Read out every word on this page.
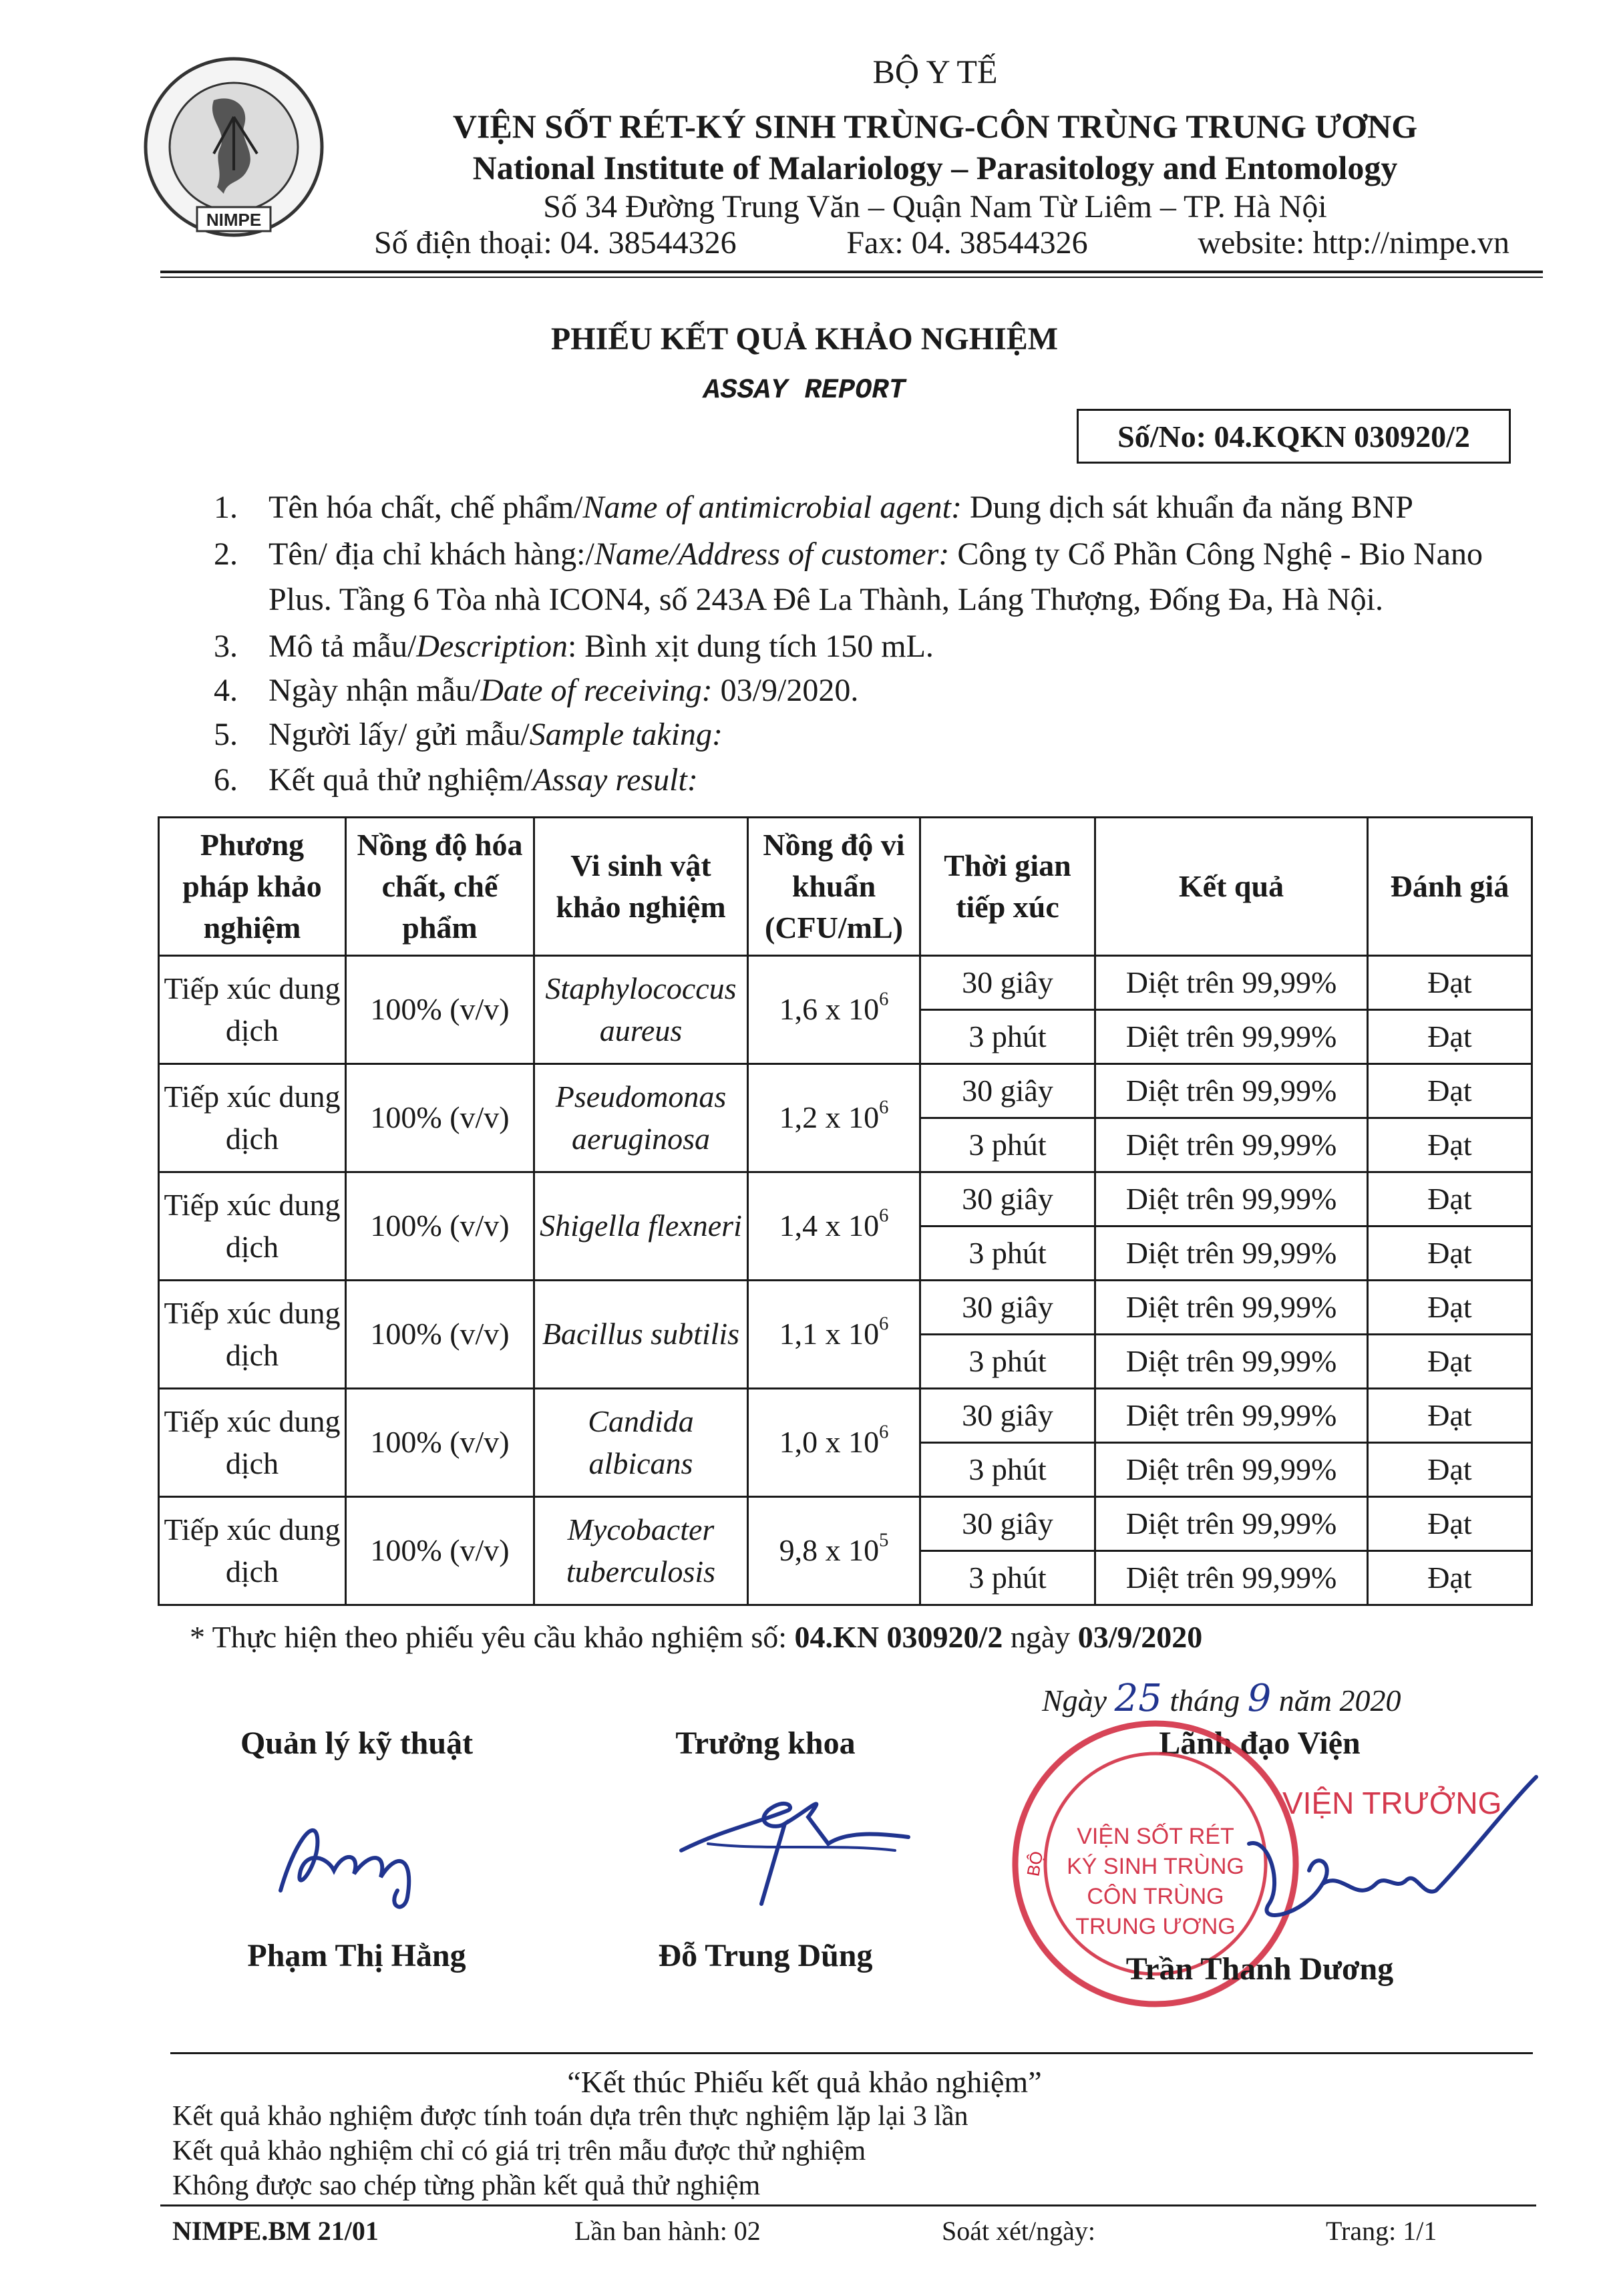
NIMPE
BỘ Y TẾ
VIỆN SỐT RÉT-KÝ SINH TRÙNG-CÔN TRÙNG TRUNG ƯƠNG
National Institute of Malariology – Parasitology and Entomology
Số 34 Đường Trung Văn – Quận Nam Từ Liêm – TP. Hà Nội
Số điện thoại: 04. 38544326	Fax: 04. 38544326	website: http://nimpe.vn
PHIẾU KẾT QUẢ KHẢO NGHIỆM
ASSAY REPORT
Số/No: 04.KQKN 030920/2
1. Tên hóa chất, chế phẩm/Name of antimicrobial agent: Dung dịch sát khuẩn đa năng BNP
2. Tên/ địa chỉ khách hàng:/Name/Address of customer: Công ty Cổ Phần Công Nghệ - Bio Nano
Plus. Tầng 6 Tòa nhà ICON4, số 243A Đê La Thành, Láng Thượng, Đống Đa, Hà Nội.
3. Mô tả mẫu/Description: Bình xịt dung tích 150 mL.
4. Ngày nhận mẫu/Date of receiving: 03/9/2020.
5. Người lấy/ gửi mẫu/Sample taking:
6. Kết quả thử nghiệm/Assay result:
Phương pháp khảo nghiệm	Nồng độ hóa chất, chế phẩm	Vi sinh vật khảo nghiệm	Nồng độ vi khuẩn (CFU/mL)	Thời gian tiếp xúc	Kết quả	Đánh giá
Tiếp xúc dung dịch	100% (v/v)	Staphylococcus aureus	1,6 x $10^6$	30 giây	Diệt trên 99,99%	Đạt
				3 phút	Diệt trên 99,99%	Đạt
Tiếp xúc dung dịch	100% (v/v)	Pseudomonas aeruginosa	1,2 x $10^6$	30 giây	Diệt trên 99,99%	Đạt
				3 phút	Diệt trên 99,99%	Đạt
Tiếp xúc dung dịch	100% (v/v)	Shigella flexneri	1,4 x $10^6$	30 giây	Diệt trên 99,99%	Đạt
				3 phút	Diệt trên 99,99%	Đạt
Tiếp xúc dung dịch	100% (v/v)	Bacillus subtilis	1,1 x $10^6$	30 giây	Diệt trên 99,99%	Đạt
				3 phút	Diệt trên 99,99%	Đạt
Tiếp xúc dung dịch	100% (v/v)	Candida albicans	1,0 x $10^6$	30 giây	Diệt trên 99,99%	Đạt
				3 phút	Diệt trên 99,99%	Đạt
Tiếp xúc dung dịch	100% (v/v)	Mycobacter tuberculosis	9,8 x $10^5$	30 giây	Diệt trên 99,99%	Đạt
				3 phút	Diệt trên 99,99%	Đạt
* Thực hiện theo phiếu yêu cầu khảo nghiệm số: 04.KN 030920/2 ngày 03/9/2020
Ngày 25 tháng 9 năm 2020
Quản lý kỹ thuật	Trưởng khoa	Lãnh đạo Viện
VIỆN SỐT RÉT
KÝ SINH TRÙNG
CÔN TRÙNG
TRUNG ƯƠNG
BỘ
VIỆN TRƯỞNG
Phạm Thị Hằng	Đỗ Trung Dũng	Trần Thanh Dương
“Kết thúc Phiếu kết quả khảo nghiệm”
Kết quả khảo nghiệm được tính toán dựa trên thực nghiệm lặp lại 3 lần
Kết quả khảo nghiệm chỉ có giá trị trên mẫu được thử nghiệm
Không được sao chép từng phần kết quả thử nghiệm
NIMPE.BM 21/01	Lần ban hành: 02	Soát xét/ngày:	Trang: 1/1
